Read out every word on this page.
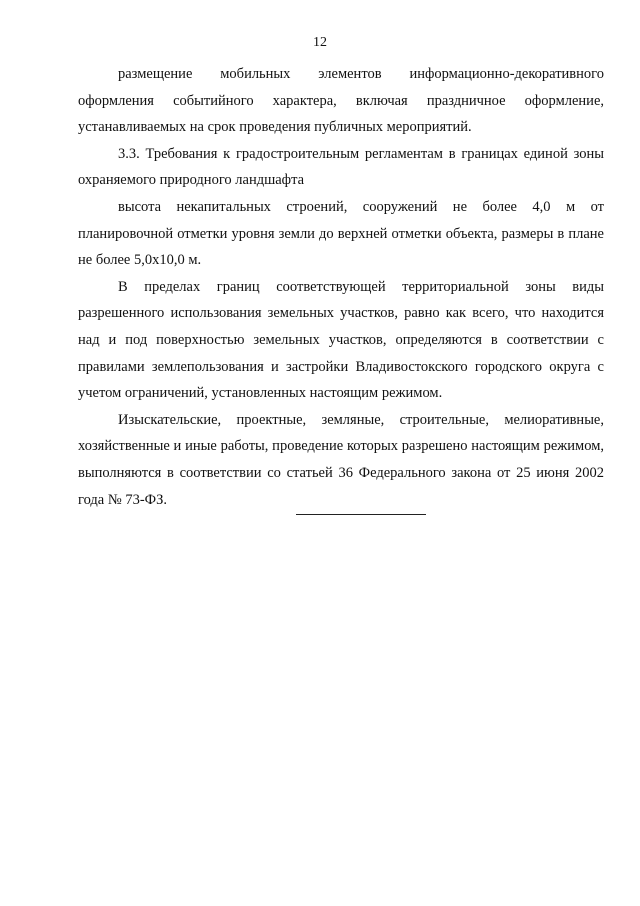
12

размещение мобильных элементов информационно-декоративного оформления событийного характера, включая праздничное оформление, устанавливаемых на срок проведения публичных мероприятий.

3.3. Требования к градостроительным регламентам в границах единой зоны охраняемого природного ландшафта

высота некапитальных строений, сооружений не более 4,0 м от планировочной отметки уровня земли до верхней отметки объекта, размеры в плане не более 5,0х10,0 м.

В пределах границ соответствующей территориальной зоны виды разрешенного использования земельных участков, равно как всего, что находится над и под поверхностью земельных участков, определяются в соответствии с правилами землепользования и застройки Владивостокского городского округа с учетом ограничений, установленных настоящим режимом.

Изыскательские, проектные, земляные, строительные, мелиоративные, хозяйственные и иные работы, проведение которых разрешено настоящим режимом, выполняются в соответствии со статьей 36 Федерального закона от 25 июня 2002 года № 73-ФЗ.
